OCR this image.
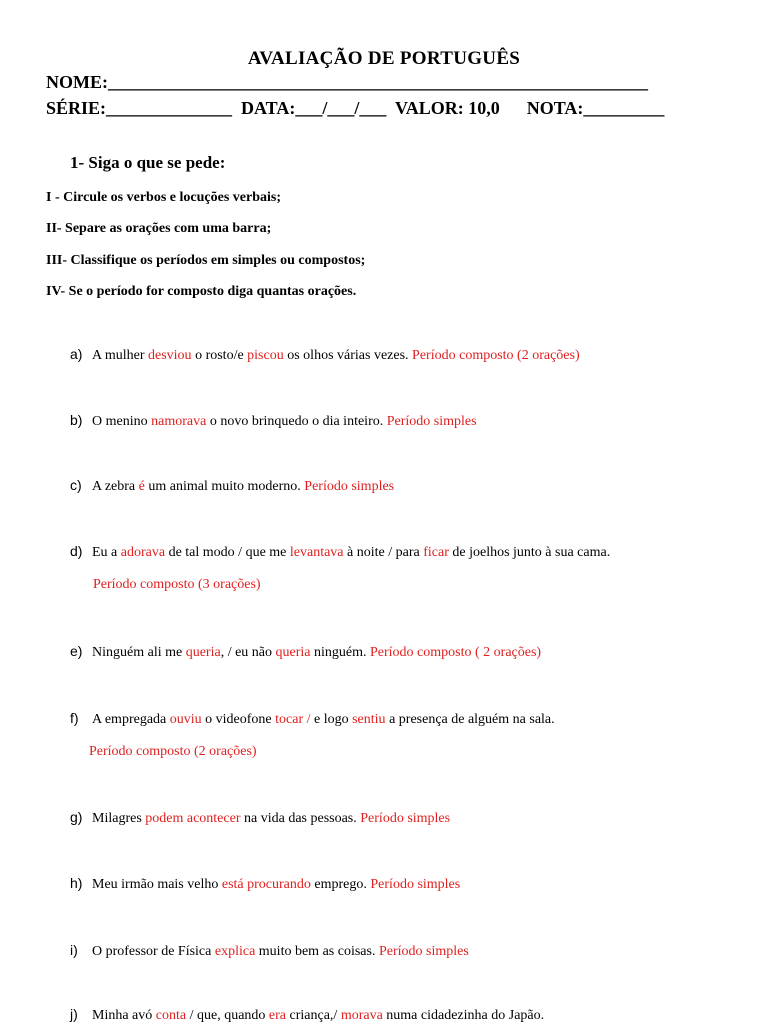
AVALIAÇÃO DE PORTUGUÊS
NOME:____________________________________________________________
SÉRIE:______________  DATA:___/___/___  VALOR: 10,0      NOTA:_________
1- Siga o que se pede:
I - Circule os verbos e locuções verbais;
II- Separe as orações com uma barra;
III- Classifique os períodos em simples ou compostos;
IV- Se o período for composto diga quantas orações.
a) A mulher desviou o rosto/e piscou os olhos várias vezes. Período composto (2 orações)
b) O menino namorava o novo brinquedo o dia inteiro. Período simples
c) A zebra é um animal muito moderno. Período simples
d) Eu a adorava de tal modo / que me levantava à noite / para ficar de joelhos junto à sua cama.
Período composto (3 orações)
e) Ninguém ali me queria, / eu não queria ninguém. Período composto ( 2 orações)
f) A empregada ouviu o videofone tocar / e logo sentiu a presença de alguém na sala.
Período composto (2 orações)
g) Milagres podem acontecer na vida das pessoas. Período simples
h) Meu irmão mais velho está procurando emprego. Período simples
i) O professor de Física explica muito bem as coisas. Período simples
j) Minha avó conta / que, quando era criança,/ morava numa cidadezinha do Japão.
